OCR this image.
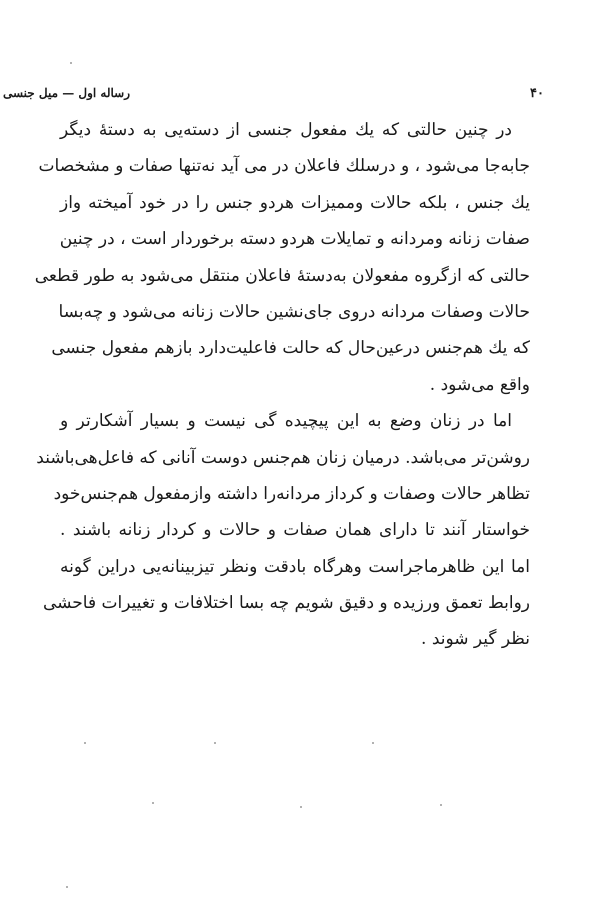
رساله اول — میل جنسی	۴۰
در چنین حالتی که یك مفعول جنسی از دسته‌یی به دستهٔ دیگر
جابه‌جا می‌شود ، و درسلك فاعلان در می آید نه‌تنها صفات و مشخصات
یك جنس ، بلکه حالات وممیزات هردو جنس را در خود آمیخته واز
صفات زنانه ومردانه و تمایلات هردو دسته برخوردار است ، در چنین
حالتی که ازگروه مفعولان به‌دستهٔ فاعلان منتقل می‌شود به طور قطعی
حالات وصفات مردانه دروی جای‌نشین حالات زنانه می‌شود و چه‌بسا
که یك هم‌جنس درعین‌حال که حالت فاعلیت‌دارد بازهم مفعول جنسی
واقع می‌شود .
اما در زنان وضع به این پیچیده گی نیست و بسیار آشکارتر و
روشن‌تر می‌باشد. درمیان زنان هم‌جنس دوست آنانی که فاعل‌هی‌باشند
تظاهر حالات وصفات و کرداز مردانه‌را داشته وازمفعول هم‌جنس‌خود
خواستار آنند تا دارای همان صفات و حالات و کردار زنانه باشند .
اما این ظاهرماجراست وهرگاه بادقت ونظر تیزبینانه‌یی دراین گونه
روابط تعمق ورزیده و دقیق شویم چه بسا اختلافات و تغییرات فاحشی
نظر گیر شوند .
